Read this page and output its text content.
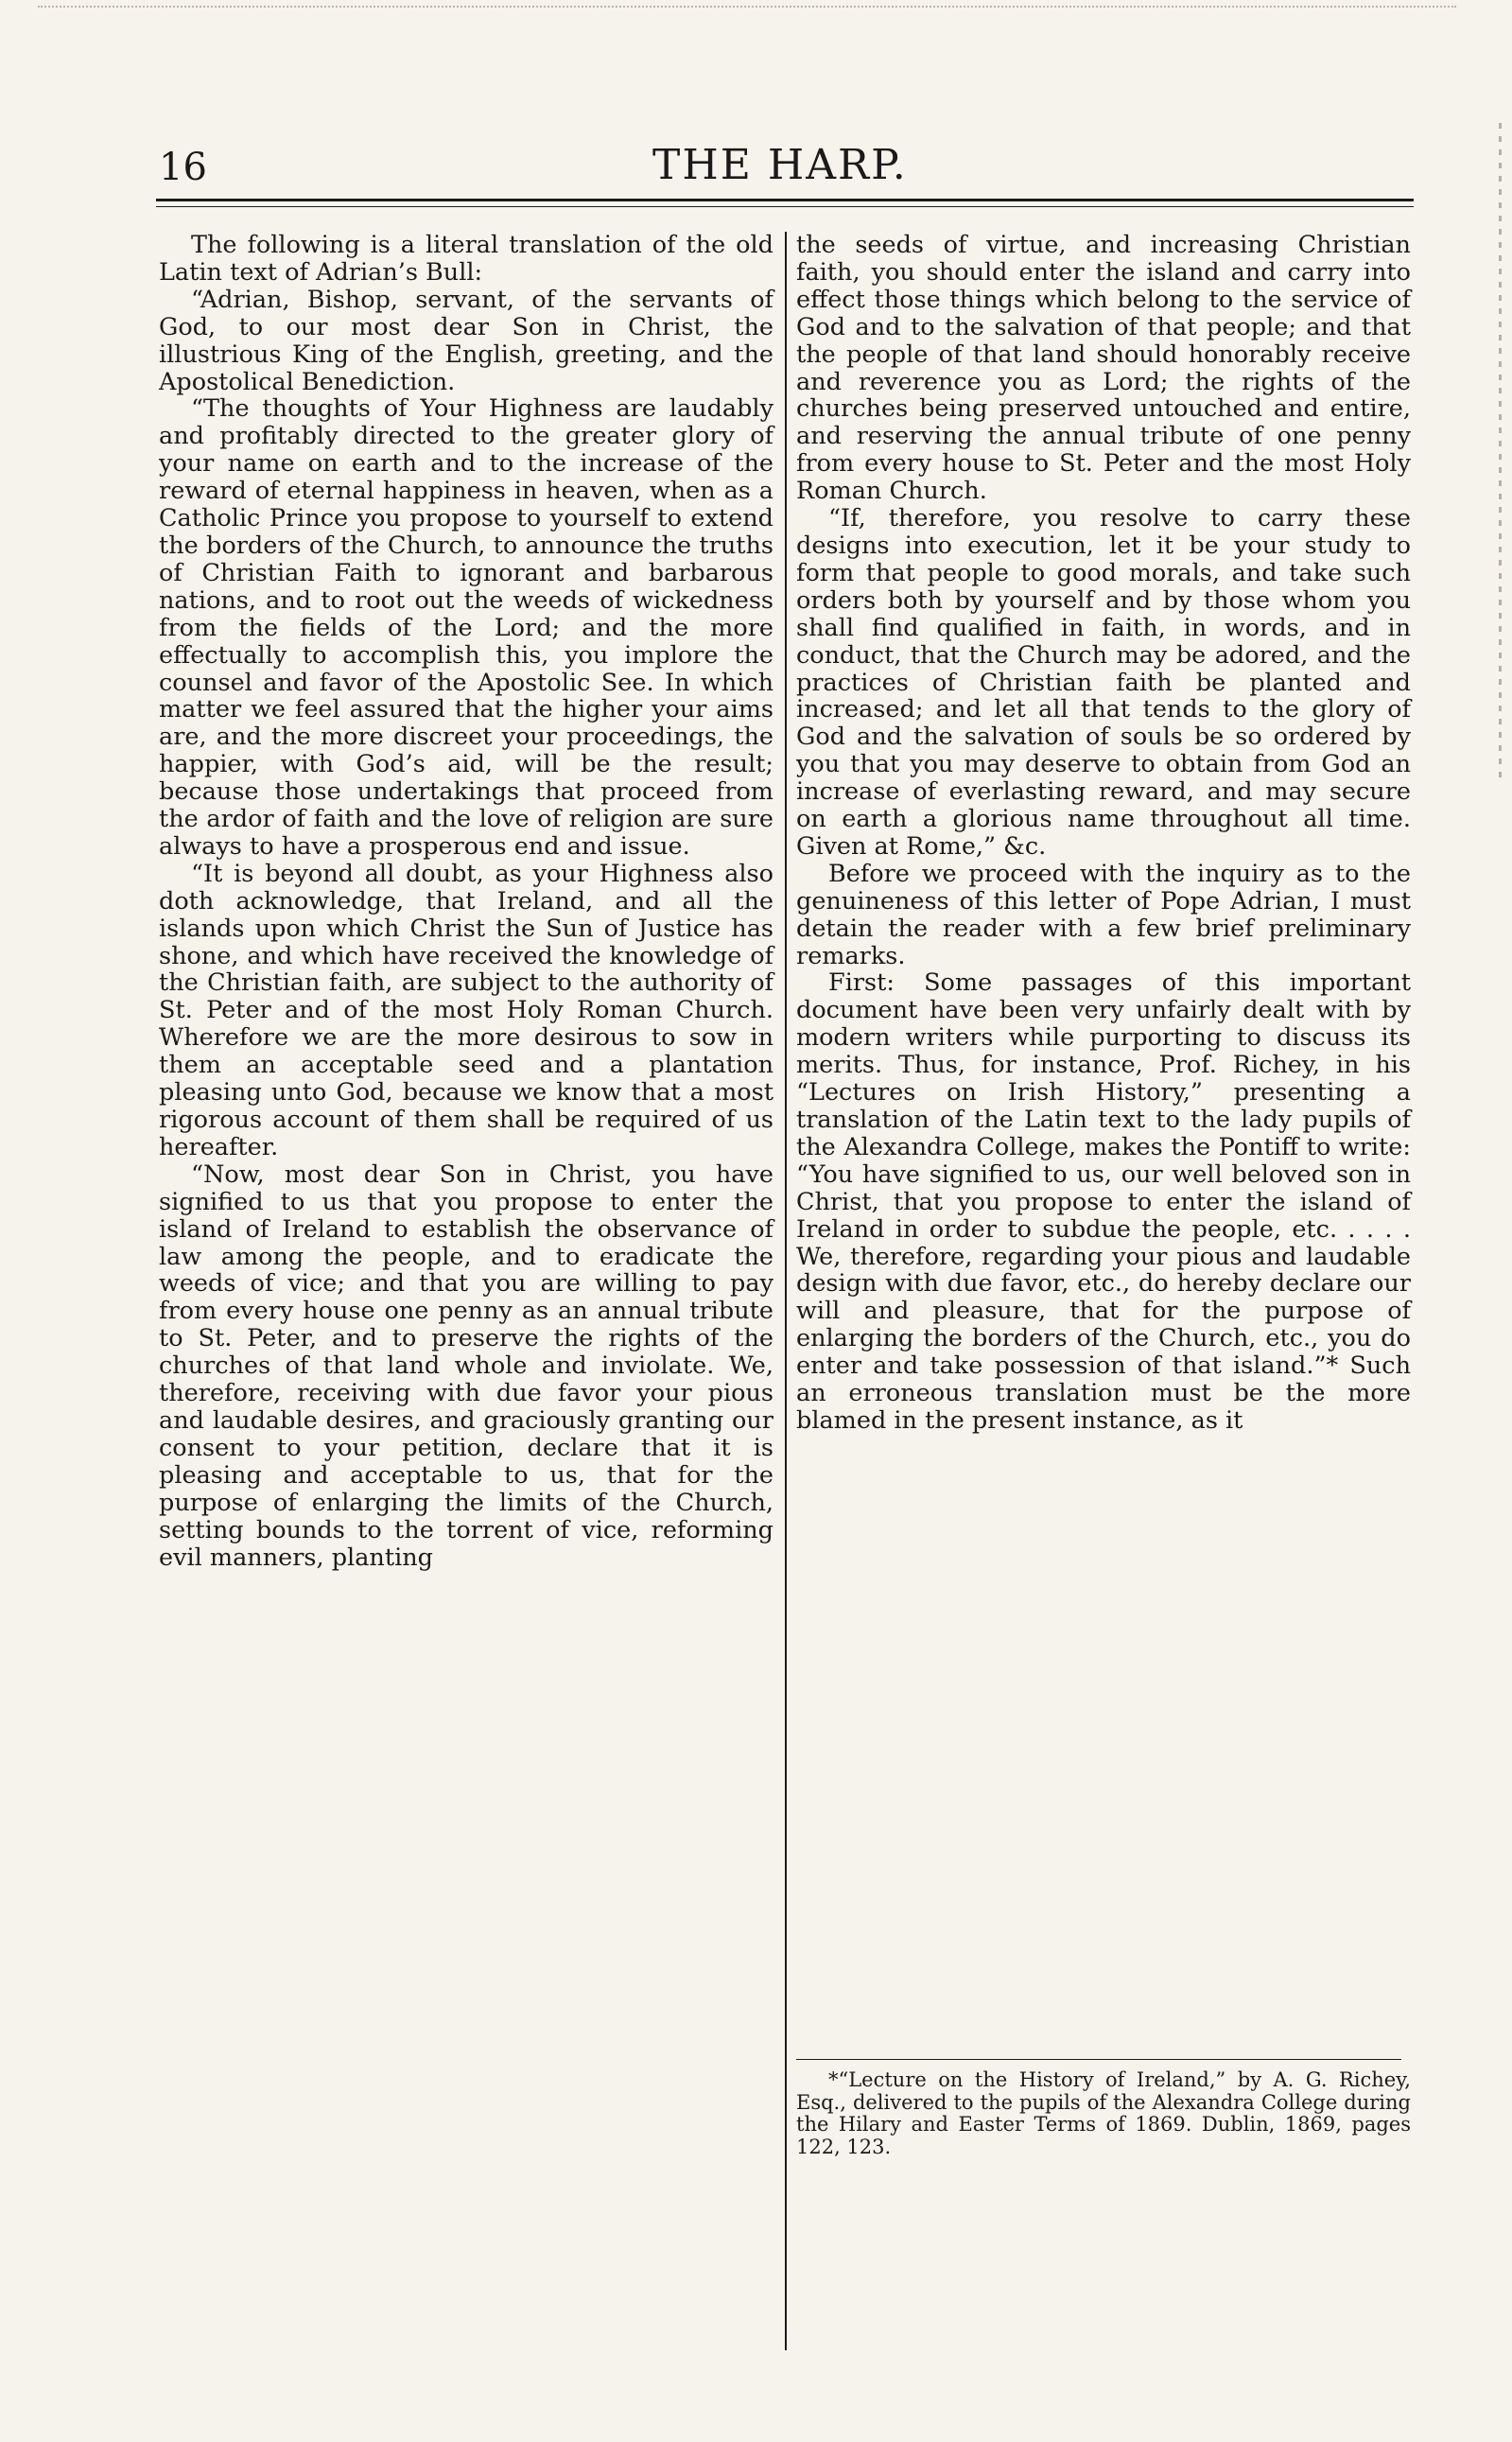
16	THE HARP.

The following is a literal translation of the old Latin text of Adrian’s Bull:

“Adrian, Bishop, servant, of the servants of God, to our most dear Son in Christ, the illustrious King of the English, greeting, and the Apostolical Benediction.

“The thoughts of Your Highness are laudably and profitably directed to the greater glory of your name on earth and to the increase of the reward of eternal happiness in heaven, when as a Catholic Prince you propose to yourself to extend the borders of the Church, to announce the truths of Christian Faith to ignorant and barbarous nations, and to root out the weeds of wickedness from the fields of the Lord; and the more effectually to accomplish this, you implore the counsel and favor of the Apostolic See. In which matter we feel assured that the higher your aims are, and the more discreet your proceedings, the happier, with God’s aid, will be the result; because those undertakings that proceed from the ardor of faith and the love of religion are sure always to have a prosperous end and issue.

“It is beyond all doubt, as your Highness also doth acknowledge, that Ireland, and all the islands upon which Christ the Sun of Justice has shone, and which have received the knowledge of the Christian faith, are subject to the authority of St. Peter and of the most Holy Roman Church. Wherefore we are the more desirous to sow in them an acceptable seed and a plantation pleasing unto God, because we know that a most rigorous account of them shall be required of us hereafter.

“Now, most dear Son in Christ, you have signified to us that you propose to enter the island of Ireland to establish the observance of law among the people, and to eradicate the weeds of vice; and that you are willing to pay from every house one penny as an annual tribute to St. Peter, and to preserve the rights of the churches of that land whole and inviolate. We, therefore, receiving with due favor your pious and laudable desires, and graciously granting our consent to your petition, declare that it is pleasing and acceptable to us, that for the purpose of enlarging the limits of the Church, setting bounds to the torrent of vice, reforming evil manners, planting

the seeds of virtue, and increasing Christian faith, you should enter the island and carry into effect those things which belong to the service of God and to the salvation of that people; and that the people of that land should honorably receive and reverence you as Lord; the rights of the churches being preserved untouched and entire, and reserving the annual tribute of one penny from every house to St. Peter and the most Holy Roman Church.

“If, therefore, you resolve to carry these designs into execution, let it be your study to form that people to good morals, and take such orders both by yourself and by those whom you shall find qualified in faith, in words, and in conduct, that the Church may be adored, and the practices of Christian faith be planted and increased; and let all that tends to the glory of God and the salvation of souls be so ordered by you that you may deserve to obtain from God an increase of everlasting reward, and may secure on earth a glorious name throughout all time. Given at Rome,” &c.

Before we proceed with the inquiry as to the genuineness of this letter of Pope Adrian, I must detain the reader with a few brief preliminary remarks.

First: Some passages of this important document have been very unfairly dealt with by modern writers while purporting to discuss its merits. Thus, for instance, Prof. Richey, in his “Lectures on Irish History,” presenting a translation of the Latin text to the lady pupils of the Alexandra College, makes the Pontiff to write: “You have signified to us, our well beloved son in Christ, that you propose to enter the island of Ireland in order to subdue the people, etc. . . . . We, therefore, regarding your pious and laudable design with due favor, etc., do hereby declare our will and pleasure, that for the purpose of enlarging the borders of the Church, etc., you do enter and take possession of that island.”* Such an erroneous translation must be the more blamed in the present instance, as it

*“Lecture on the History of Ireland,” by A. G. Richey, Esq., delivered to the pupils of the Alexandra College during the Hilary and Easter Terms of 1869. Dublin, 1869, pages 122, 123.
